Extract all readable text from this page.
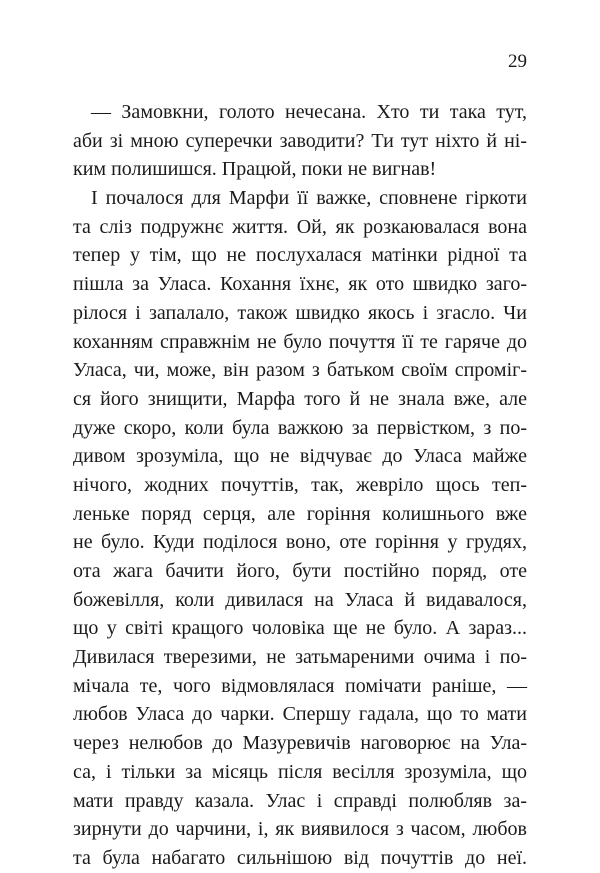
29
— Замовкни, голото нечесана. Хто ти така тут,
аби зі мною суперечки заводити? Ти тут ніхто й ні-
ким полишишся. Працюй, поки не вигнав!
І почалося для Марфи її важке, сповнене гіркоти
та сліз подружнє життя. Ой, як розкаювалася вона
тепер у тім, що не послухалася матінки рідної та
пішла за Уласа. Кохання їхнє, як ото швидко заго-
рілося і запалало, також швидко якось і згасло. Чи
коханням справжнім не було почуття її те гаряче до
Уласа, чи, може, він разом з батьком своїм спроміг-
ся його знищити, Марфа того й не знала вже, але
дуже скоро, коли була важкою за первістком, з по-
дивом зрозуміла, що не відчуває до Уласа майже
нічого, жодних почуттів, так, жевріло щось теп-
леньке поряд серця, але горіння колишнього вже
не було. Куди поділося воно, оте горіння у грудях,
ота жага бачити його, бути постійно поряд, оте
божевілля, коли дивилася на Уласа й видавалося,
що у світі кращого чоловіка ще не було. А зараз...
Дивилася тверезими, не затьмареними очима і по-
мічала те, чого відмовлялася помічати раніше, —
любов Уласа до чарки. Спершу гадала, що то мати
через нелюбов до Мазуревичів наговорює на Ула-
са, і тільки за місяць після весілля зрозуміла, що
мати правду казала. Улас і справді полюбляв за-
зирнути до чарчини, і, як виявилося з часом, любов
та була набагато сильнішою від почуттів до неї.
